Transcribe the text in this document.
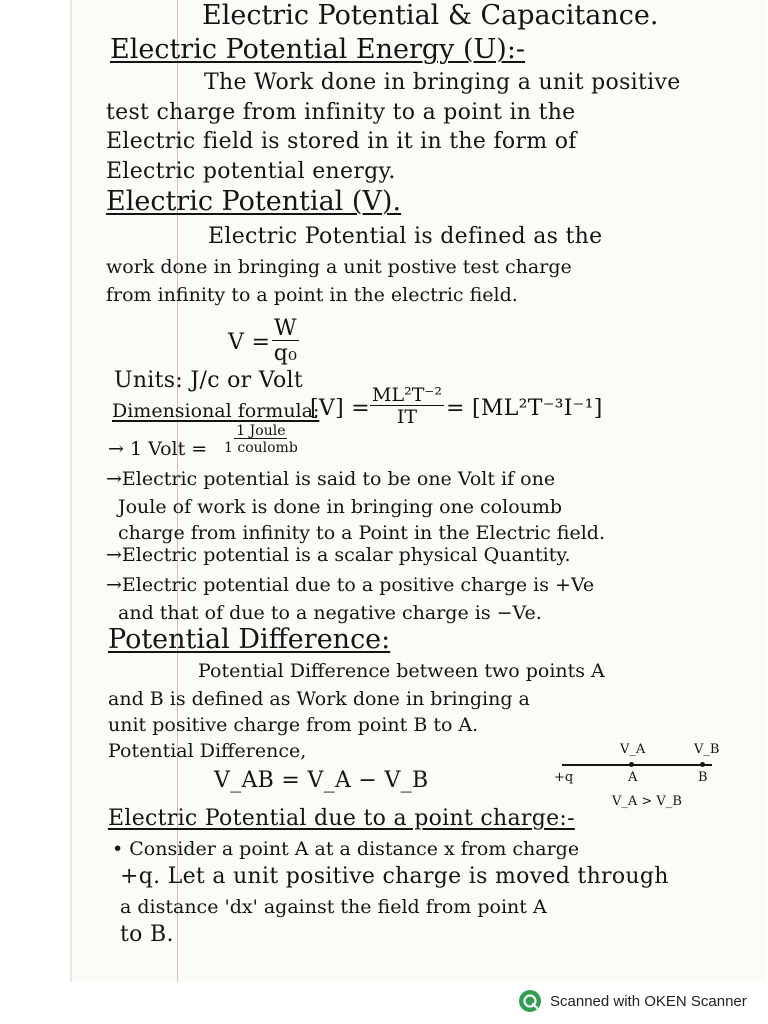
Electric Potential & Capacitance.
Electric Potential Energy (U):-
The Work done in bringing a unit positive
test charge from infinity to a point in the
Electric field is stored in it in the form of
Electric potential energy.
Electric Potential (V).
Electric Potential is defined as the
work done in bringing a unit postive test charge
from infinity to a point in the electric field.
$V = \frac{W}{\text{q₀}}$
Units: J/c or Volt
Dimensional formula:
$[V] = \frac{\text{ML²T⁻²}}{IT} = [ML^2T^{-3}I^{-1}]$
→ 1 Volt =
1 Joule
1 coulomb
→Electric potential is said to be one Volt if one
Joule of work is done in bringing one coloumb
charge from infinity to a Point in the Electric field.
→Electric potential is a scalar physical Quantity.
→Electric potential due to a positive charge is +Ve
and that of due to a negative charge is −Ve.
Potential Difference:
Potential Difference between two points A
and B is defined as Work done in bringing a
unit positive charge from point B to A.
Potential Difference,
V_AB = V_A − V_B
V_A	V_B
+q	A	B
V_A > V_B
Electric Potential due to a point charge:-
• Consider a point A at a distance x from charge
+q. Let a unit positive charge is moved through
a distance 'dx' against the field from point A
to B.
Scanned with OKEN Scanner
